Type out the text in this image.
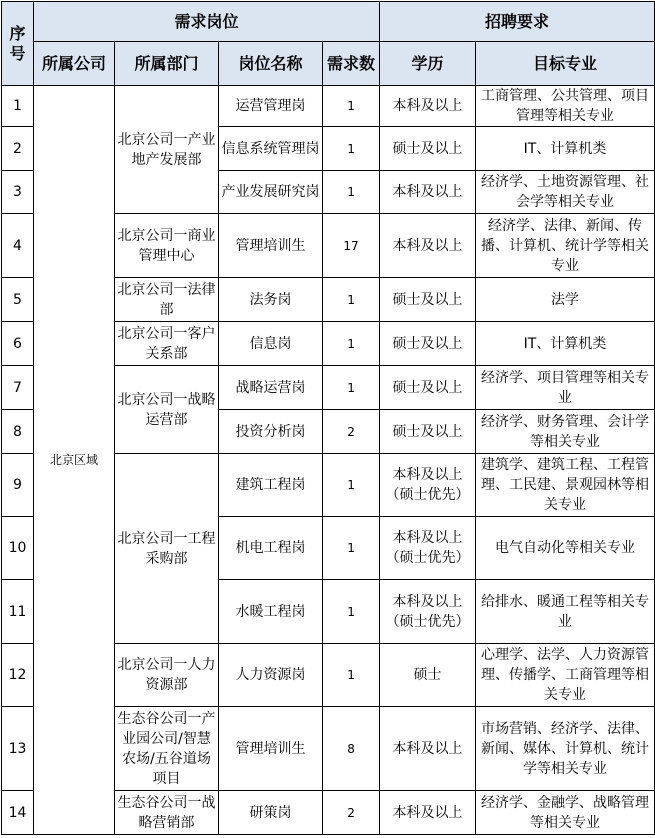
序号	需求岗位				招聘要求	
	所属公司	所属部门	岗位名称	需求数	学历	目标专业
1	北京区域	北京公司一产业地产发展部	运营管理岗	1	本科及以上	工商管理、公共管理、项目管理等相关专业
2			信息系统管理岗	1	硕士及以上	IT、计算机类
3			产业发展研究岗	1	本科及以上	经济学、土地资源管理、社会学等相关专业
4		北京公司一商业管理中心	管理培训生	17	本科及以上	经济学、法律、新闻、传播、计算机、统计学等相关专业
5		北京公司一法律部	法务岗	1	硕士及以上	法学
6		北京公司一客户关系部	信息岗	1	硕士及以上	IT、计算机类
7		北京公司一战略运营部	战略运营岗	1	硕士及以上	经济学、项目管理等相关专业
8			投资分析岗	2	硕士及以上	经济学、财务管理、会计学等相关专业
9		北京公司一工程采购部	建筑工程岗	1	本科及以上（硕士优先）	建筑学、建筑工程、工程管理、工民建、景观园林等相关专业
10			机电工程岗	1	本科及以上（硕士优先）	电气自动化等相关专业
11			水暖工程岗	1	本科及以上（硕士优先）	给排水、暖通工程等相关专业
12		北京公司一人力资源部	人力资源岗	1	硕士	心理学、法学、人力资源管理、传播学、工商管理等相关专业
13		生态谷公司一产业园公司/智慧农场/五谷道场项目	管理培训生	8	本科及以上	市场营销、经济学、法律、新闻、媒体、计算机、统计学等相关专业
14		生态谷公司一战略营销部	研策岗	2	本科及以上	经济学、金融学、战略管理等相关专业
